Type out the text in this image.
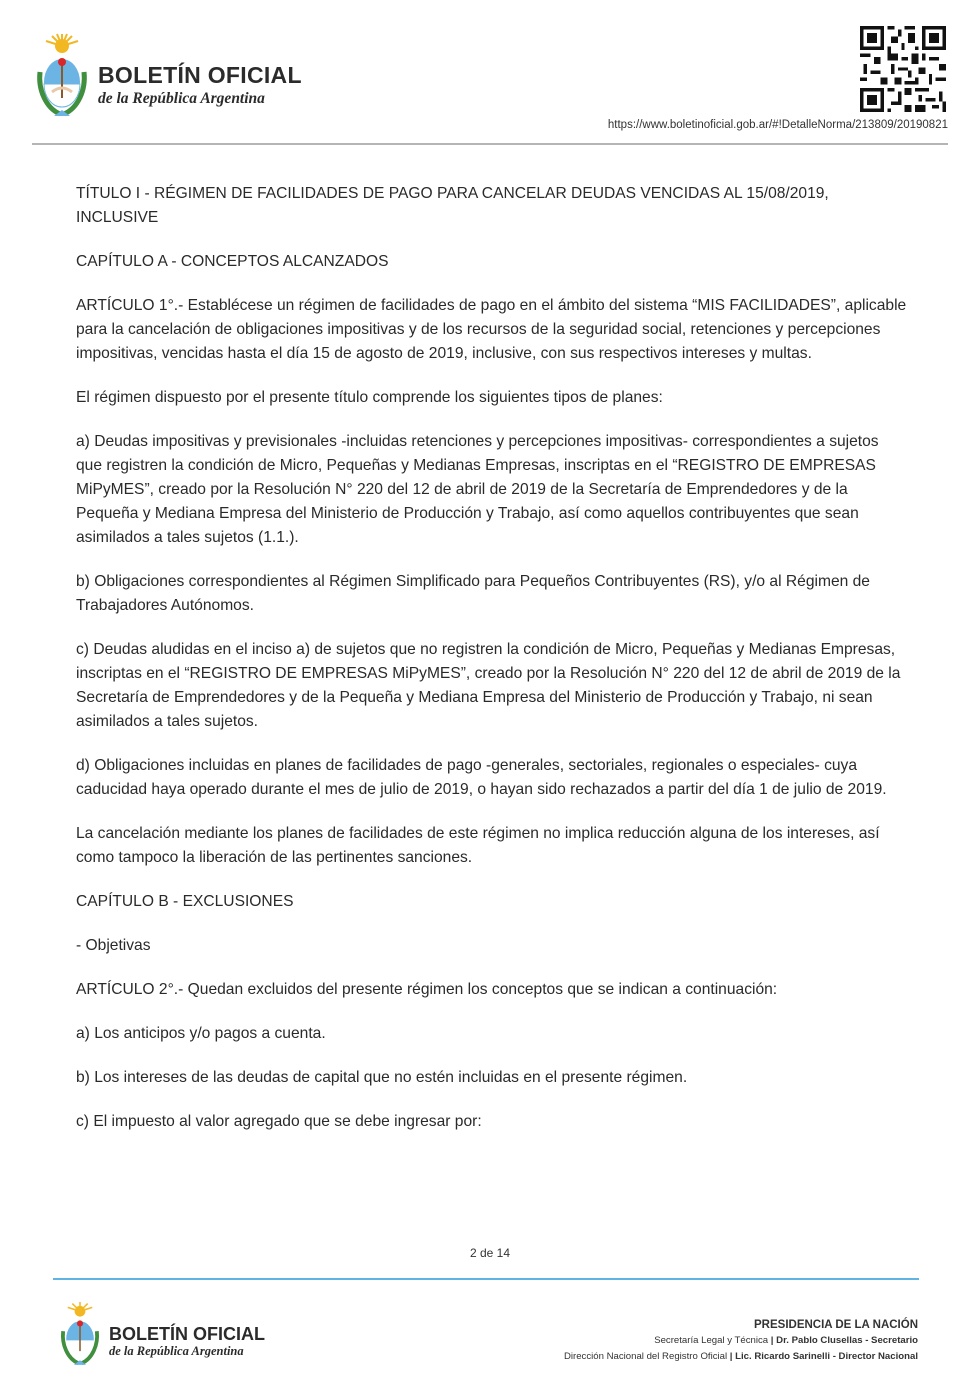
BOLETÍN OFICIAL
de la República Argentina
https://www.boletinoficial.gob.ar/#!DetalleNorma/213809/20190821

TÍTULO I - RÉGIMEN DE FACILIDADES DE PAGO PARA CANCELAR DEUDAS VENCIDAS AL 15/08/2019, INCLUSIVE

CAPÍTULO A - CONCEPTOS ALCANZADOS

ARTÍCULO 1°.- Establécese un régimen de facilidades de pago en el ámbito del sistema “MIS FACILIDADES”, aplicable para la cancelación de obligaciones impositivas y de los recursos de la seguridad social, retenciones y percepciones impositivas, vencidas hasta el día 15 de agosto de 2019, inclusive, con sus respectivos intereses y multas.

El régimen dispuesto por el presente título comprende los siguientes tipos de planes:

a) Deudas impositivas y previsionales -incluidas retenciones y percepciones impositivas- correspondientes a sujetos que registren la condición de Micro, Pequeñas y Medianas Empresas, inscriptas en el “REGISTRO DE EMPRESAS MiPyMES”, creado por la Resolución N° 220 del 12 de abril de 2019 de la Secretaría de Emprendedores y de la Pequeña y Mediana Empresa del Ministerio de Producción y Trabajo, así como aquellos contribuyentes que sean asimilados a tales sujetos (1.1.).

b) Obligaciones correspondientes al Régimen Simplificado para Pequeños Contribuyentes (RS), y/o al Régimen de Trabajadores Autónomos.

c) Deudas aludidas en el inciso a) de sujetos que no registren la condición de Micro, Pequeñas y Medianas Empresas, inscriptas en el “REGISTRO DE EMPRESAS MiPyMES”, creado por la Resolución N° 220 del 12 de abril de 2019 de la Secretaría de Emprendedores y de la Pequeña y Mediana Empresa del Ministerio de Producción y Trabajo, ni sean asimilados a tales sujetos.

d) Obligaciones incluidas en planes de facilidades de pago -generales, sectoriales, regionales o especiales- cuya caducidad haya operado durante el mes de julio de 2019, o hayan sido rechazados a partir del día 1 de julio de 2019.

La cancelación mediante los planes de facilidades de este régimen no implica reducción alguna de los intereses, así como tampoco la liberación de las pertinentes sanciones.

CAPÍTULO B - EXCLUSIONES

- Objetivas

ARTÍCULO 2°.- Quedan excluidos del presente régimen los conceptos que se indican a continuación:

a) Los anticipos y/o pagos a cuenta.

b) Los intereses de las deudas de capital que no estén incluidas en el presente régimen.

c) El impuesto al valor agregado que se debe ingresar por:

2 de 14
BOLETÍN OFICIAL
de la República Argentina
PRESIDENCIA DE LA NACIÓN
Secretaría Legal y Técnica | Dr. Pablo Clusellas - Secretario
Dirección Nacional del Registro Oficial | Lic. Ricardo Sarinelli - Director Nacional
